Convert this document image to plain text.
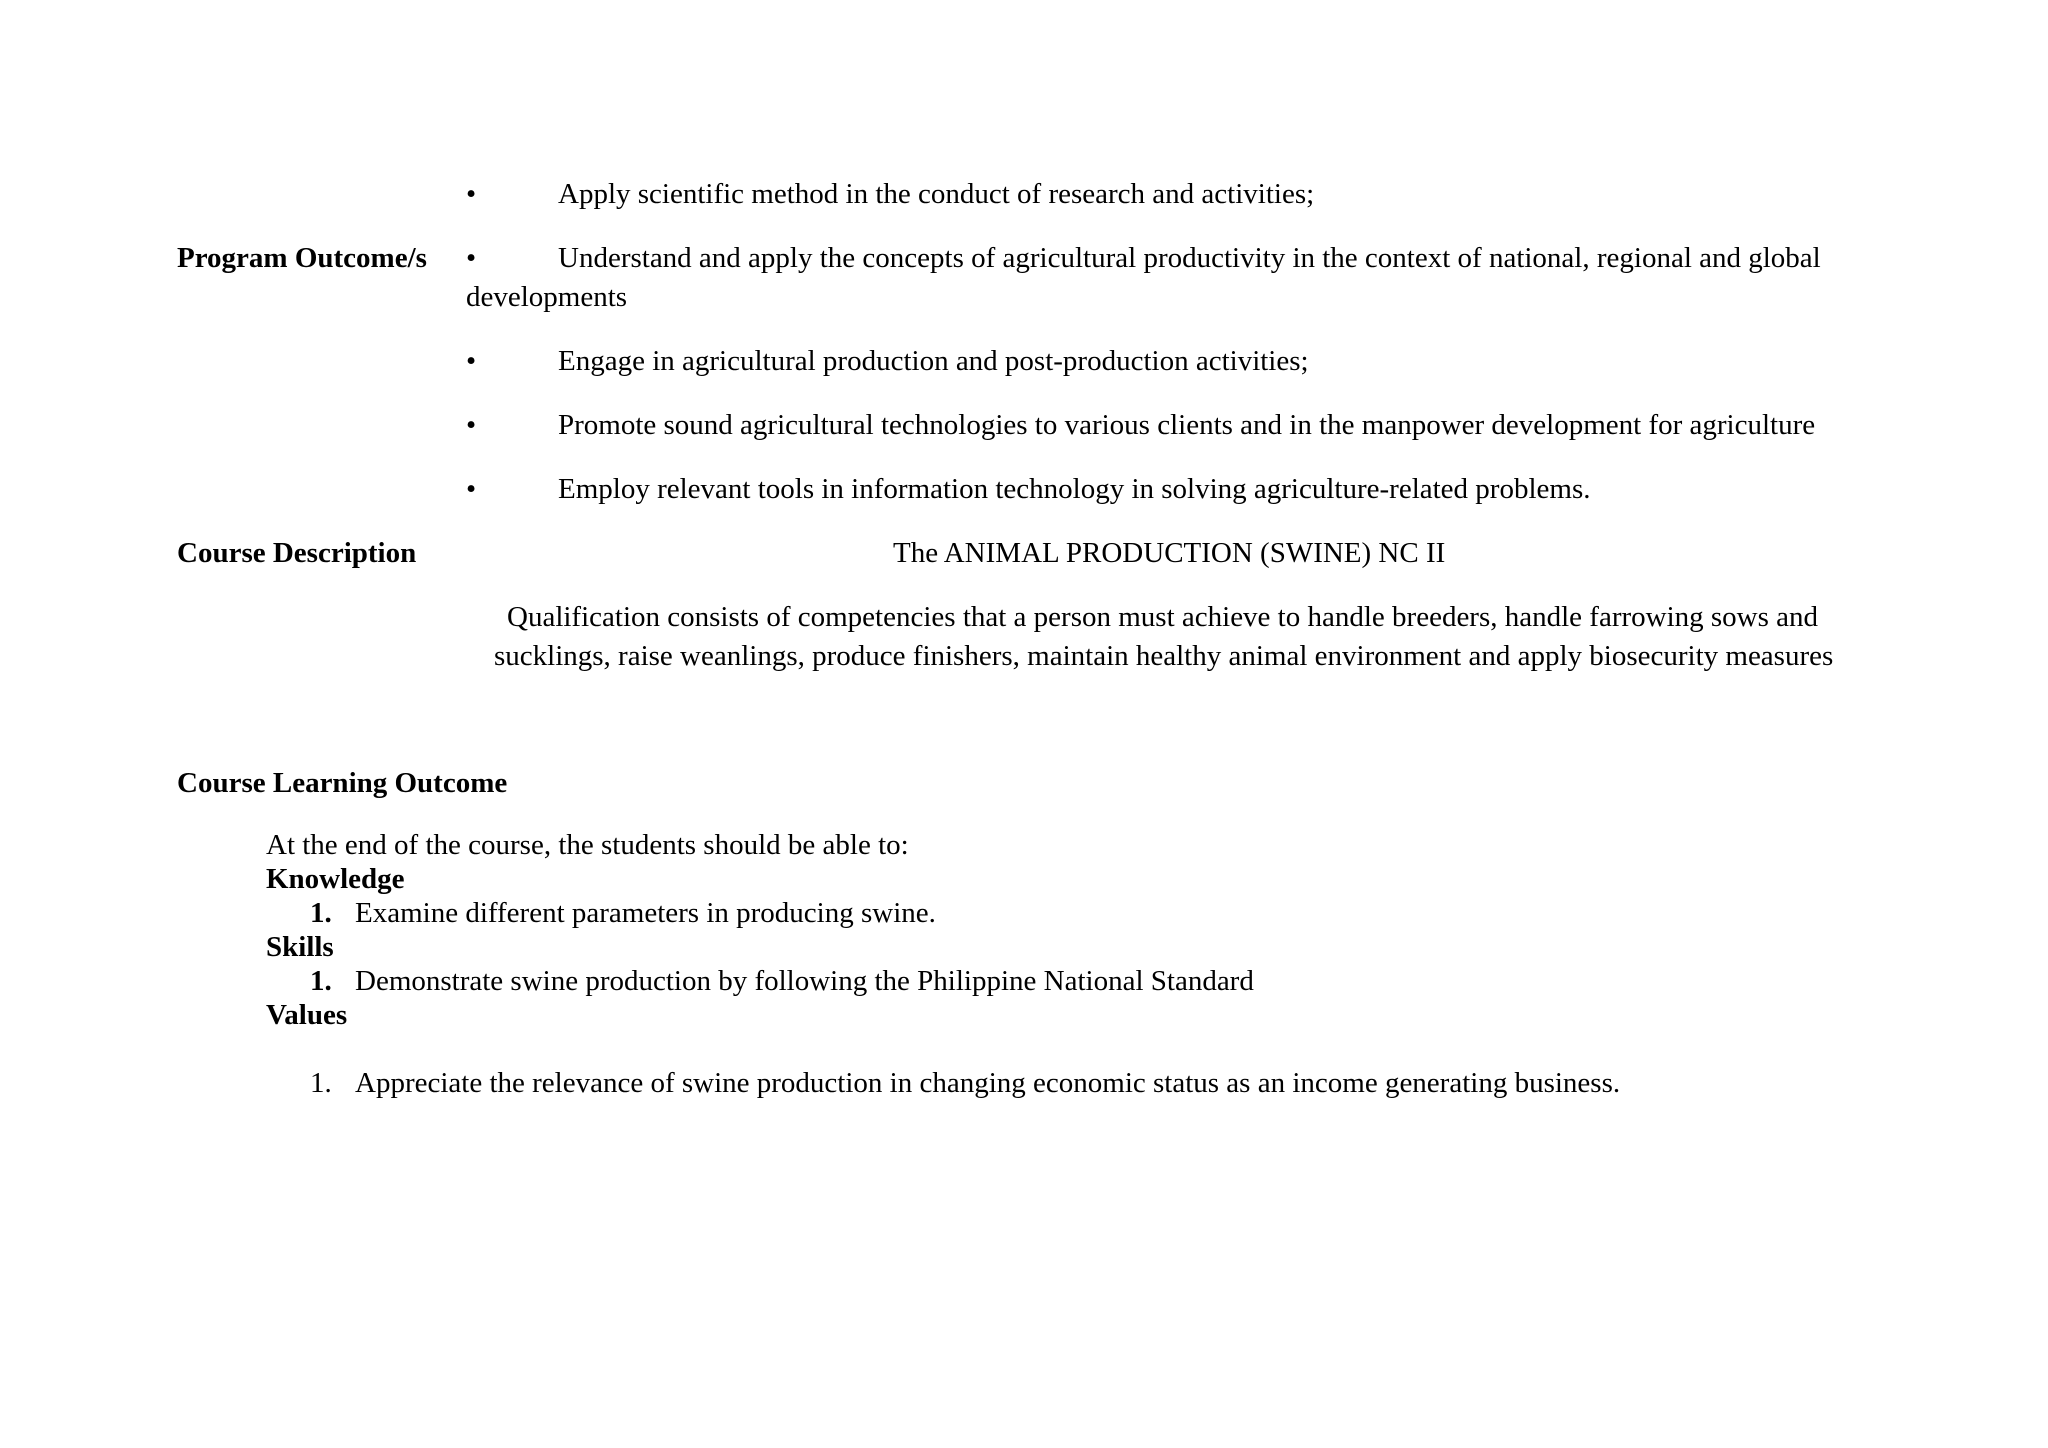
•	Apply scientific method in the conduct of research and activities;
Program Outcome/s •	Understand and apply the concepts of agricultural productivity in the context of national, regional and global
developments
•	Engage in agricultural production and post-production activities;
•	Promote sound agricultural technologies to various clients and in the manpower development for agriculture
•	Employ relevant tools in information technology in solving agriculture-related problems.
Course Description	The ANIMAL PRODUCTION (SWINE) NC II
Qualification consists of competencies that a person must achieve to handle breeders, handle farrowing sows and
sucklings, raise weanlings, produce finishers, maintain healthy animal environment and apply biosecurity measures
Course Learning Outcome
At the end of the course, the students should be able to:
Knowledge
1. Examine different parameters in producing swine.
Skills
1. Demonstrate swine production by following the Philippine National Standard
Values
1. Appreciate the relevance of swine production in changing economic status as an income generating business.
